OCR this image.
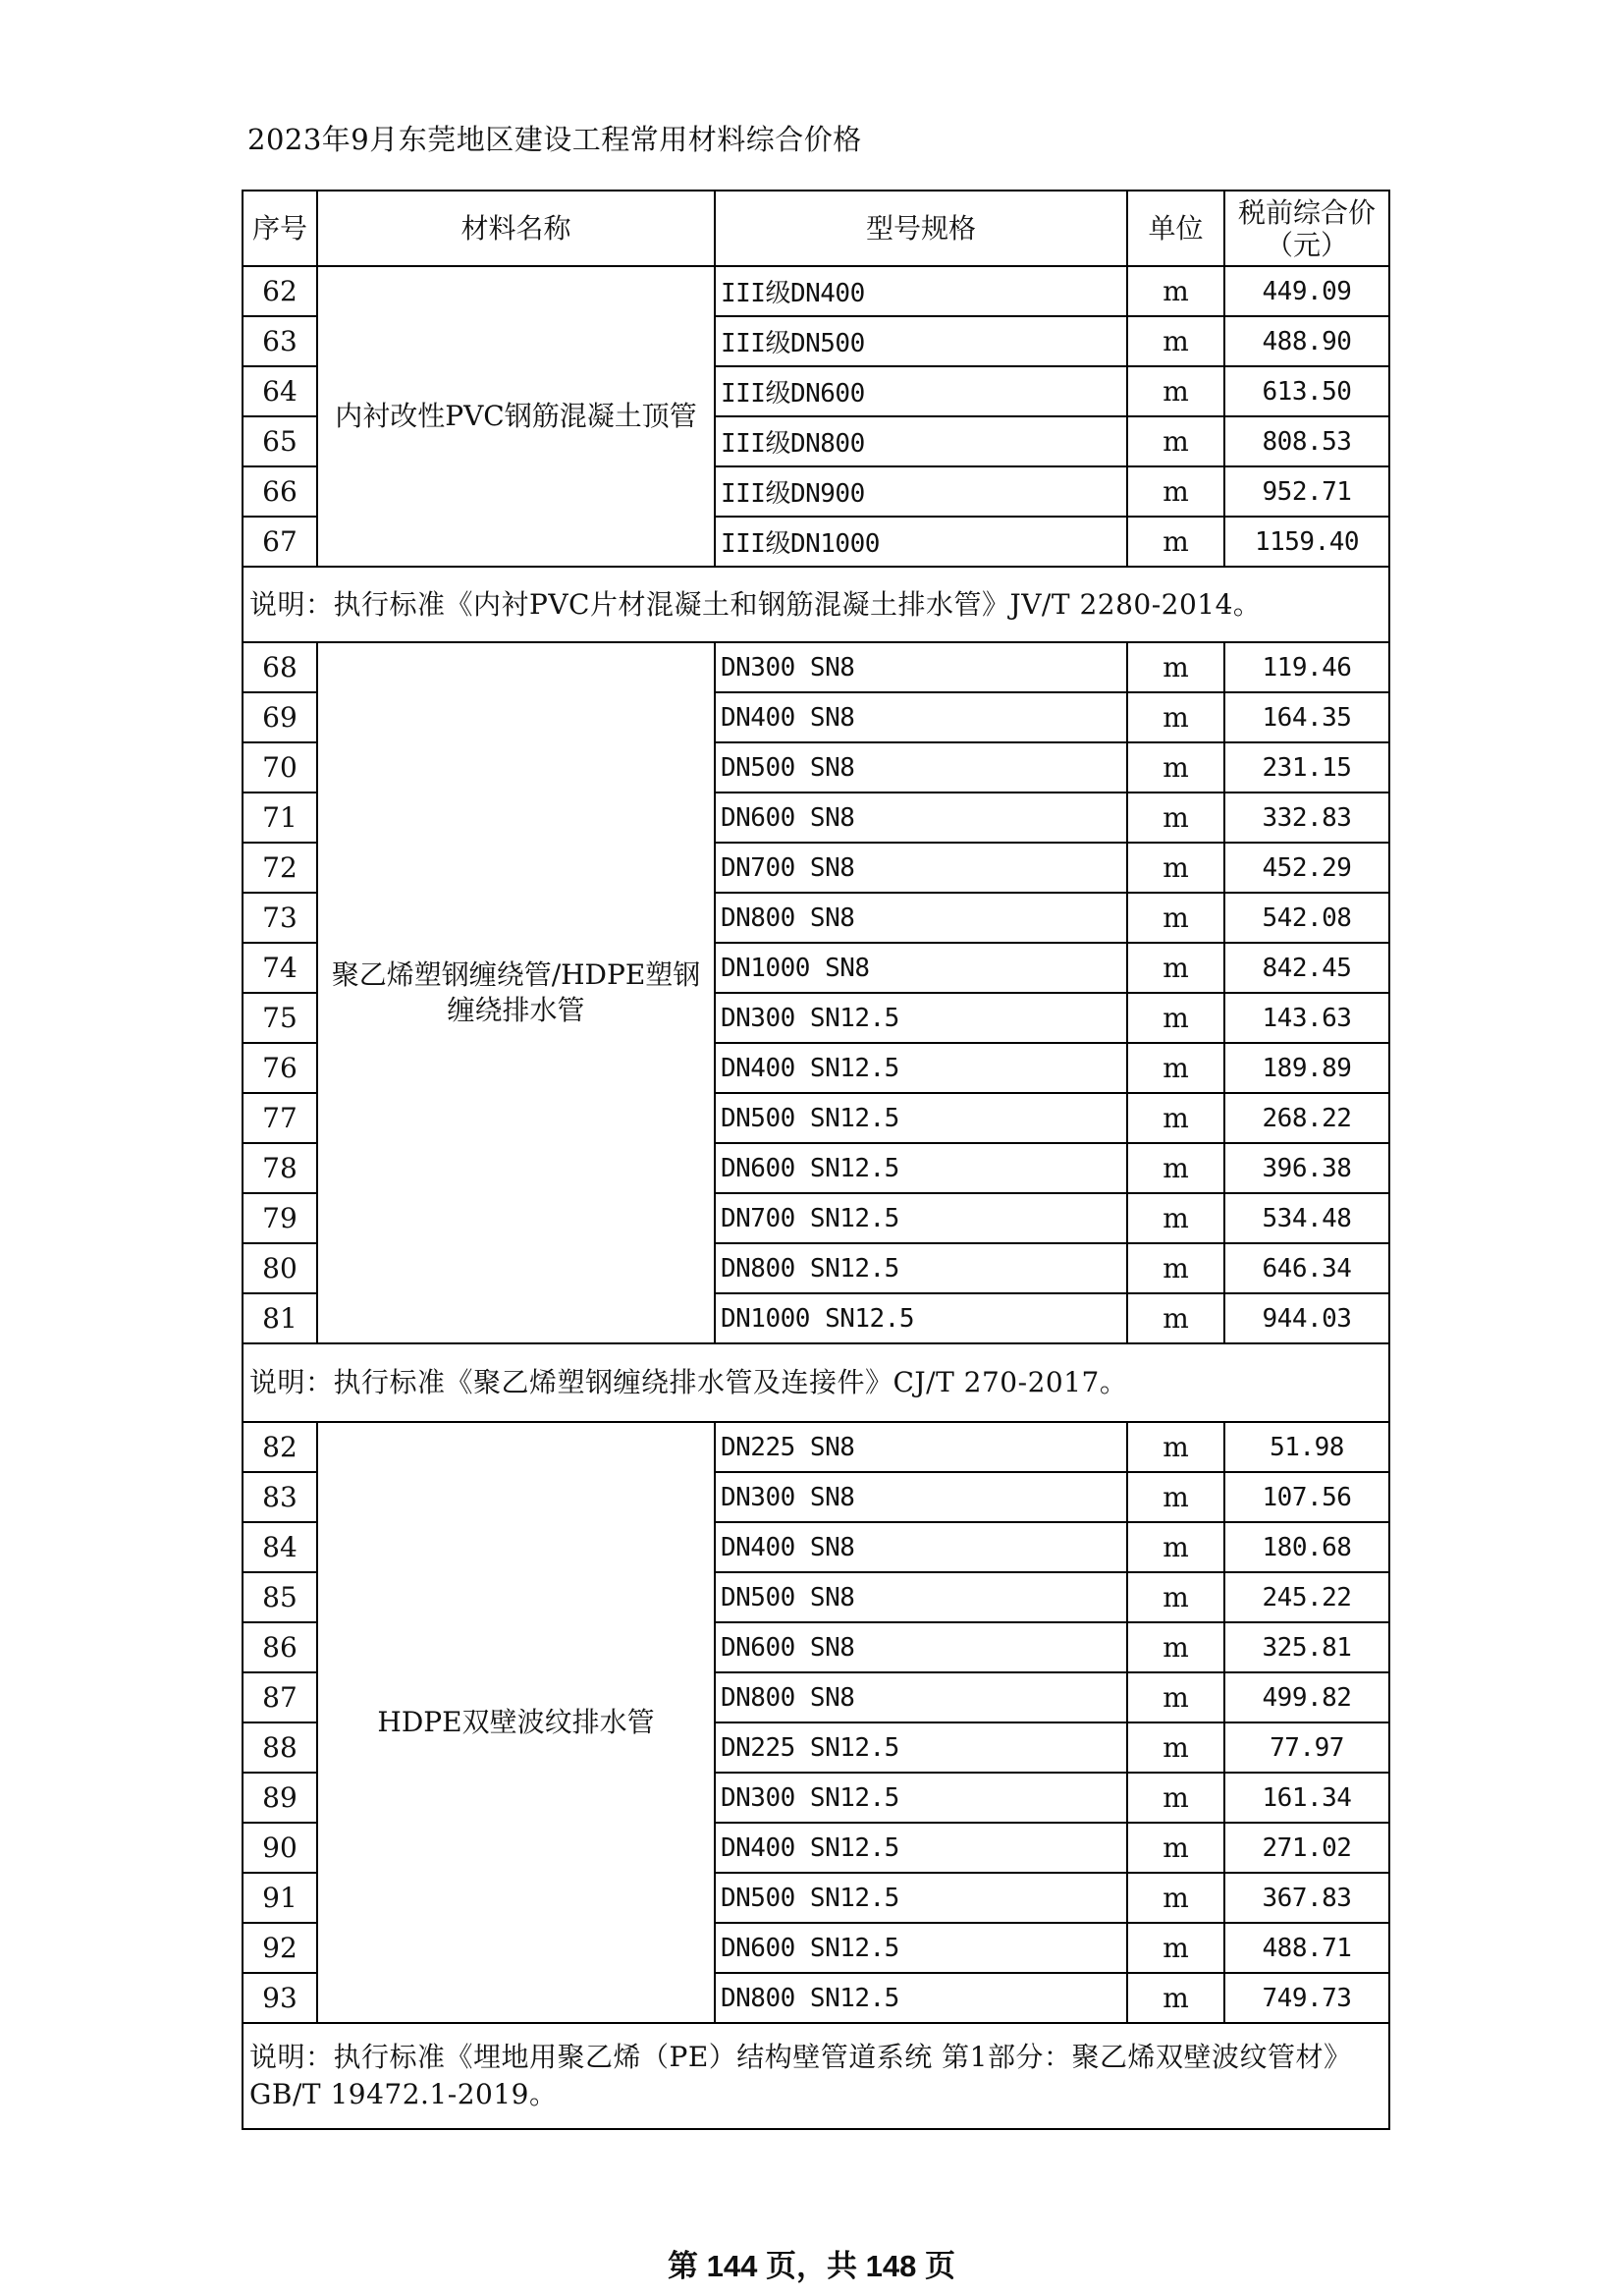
2023年9月东莞地区建设工程常用材料综合价格
序号	材料名称	型号规格	单位	税前综合价
（元）
62	内衬改性PVC钢筋混凝土顶管	III级DN400	m	449.09
63		III级DN500	m	488.90
64		III级DN600	m	613.50
65		III级DN800	m	808.53
66		III级DN900	m	952.71
67		III级DN1000	m	1159.40
说明：执行标准《内衬PVC片材混凝土和钢筋混凝土排水管》JV/T 2280-2014。				
68	聚乙烯塑钢缠绕管/HDPE塑钢缠绕排水管	DN300 SN8	m	119.46
69		DN400 SN8	m	164.35
70		DN500 SN8	m	231.15
71		DN600 SN8	m	332.83
72		DN700 SN8	m	452.29
73		DN800 SN8	m	542.08
74		DN1000 SN8	m	842.45
75		DN300 SN12.5	m	143.63
76		DN400 SN12.5	m	189.89
77		DN500 SN12.5	m	268.22
78		DN600 SN12.5	m	396.38
79		DN700 SN12.5	m	534.48
80		DN800 SN12.5	m	646.34
81		DN1000 SN12.5	m	944.03
说明：执行标准《聚乙烯塑钢缠绕排水管及连接件》CJ/T 270-2017。				
82	HDPE双壁波纹排水管	DN225 SN8	m	51.98
83		DN300 SN8	m	107.56
84		DN400 SN8	m	180.68
85		DN500 SN8	m	245.22
86		DN600 SN8	m	325.81
87		DN800 SN8	m	499.82
88		DN225 SN12.5	m	77.97
89		DN300 SN12.5	m	161.34
90		DN400 SN12.5	m	271.02
91		DN500 SN12.5	m	367.83
92		DN600 SN12.5	m	488.71
93		DN800 SN12.5	m	749.73
说明：执行标准《埋地用聚乙烯（PE）结构壁管道系统 第1部分：聚乙烯双壁波纹管材》GB/T 19472.1-2019。				
第 144 页，共 148 页
